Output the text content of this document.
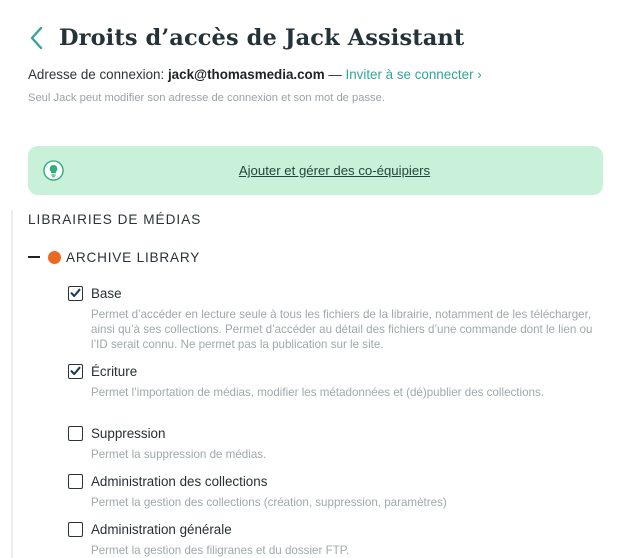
Droits d’accès de Jack Assistant
Adresse de connexion: jack@thomasmedia.com — Inviter à se connecter ›
Seul Jack peut modifier son adresse de connexion et son mot de passe.
Ajouter et gérer des co-équipiers
LIBRAIRIES DE MÉDIAS
ARCHIVE LIBRARY
Base
Permet d’accéder en lecture seule à tous les fichiers de la librairie, notamment de les télécharger, ainsi qu’à ses collections. Permet d’accéder au détail des fichiers d’une commande dont le lien ou l’ID serait connu. Ne permet pas la publication sur le site.
Écriture
Permet l’importation de médias, modifier les métadonnées et (dé)publier des collections.
Suppression
Permet la suppression de médias.
Administration des collections
Permet la gestion des collections (création, suppression, paramètres)
Administration générale
Permet la gestion des filigranes et du dossier FTP.
